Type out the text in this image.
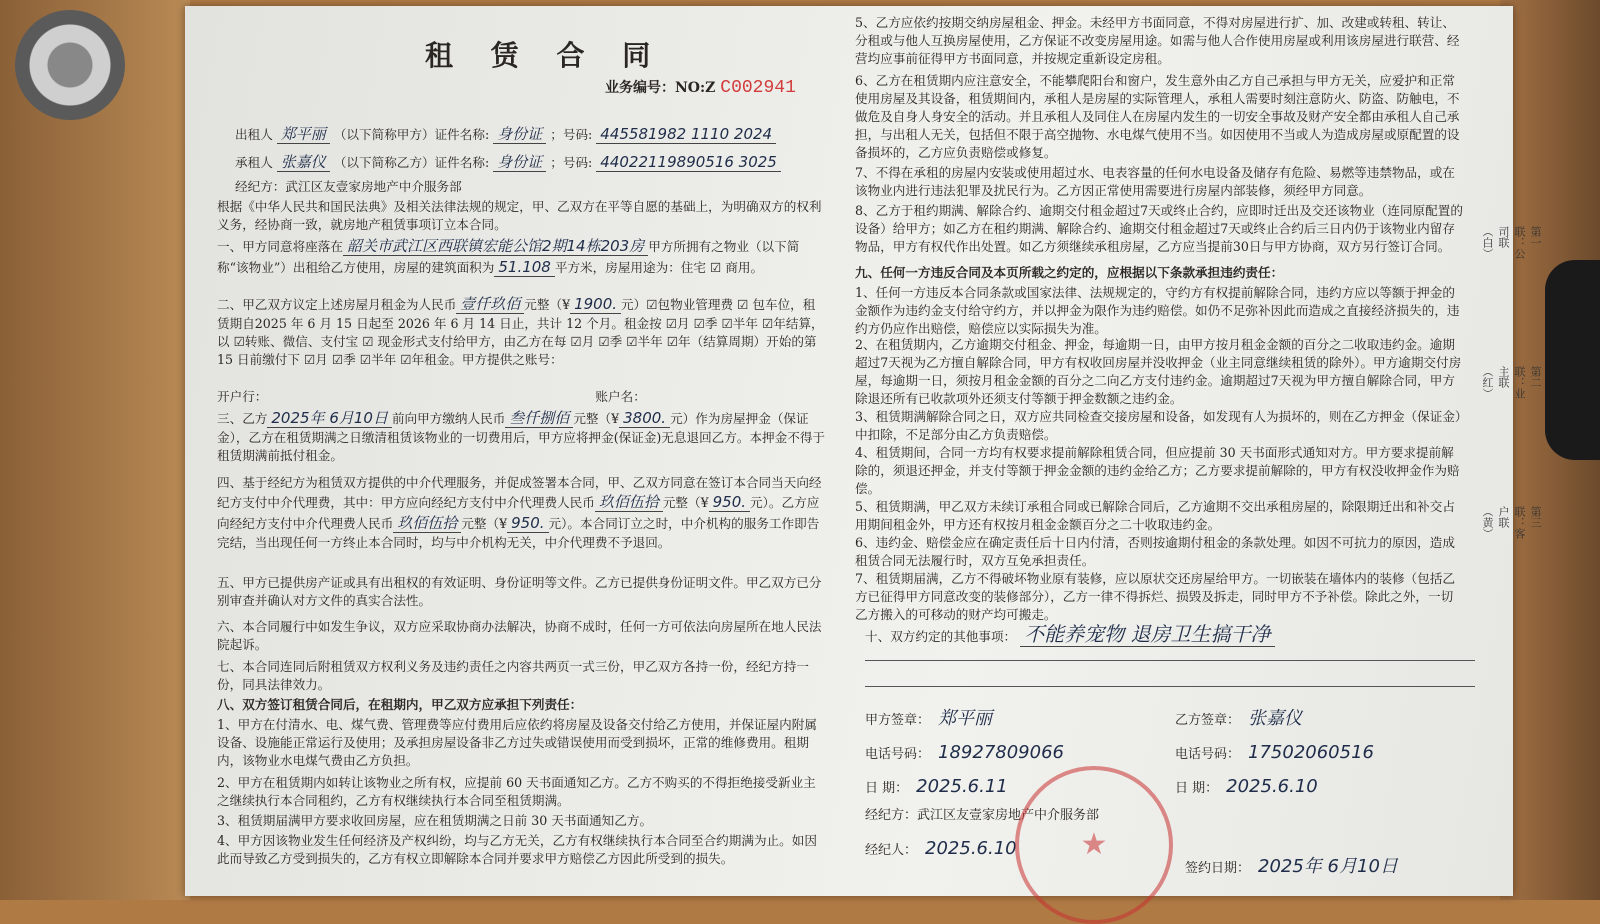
租 赁 合 同
业务编号：NO:Z C002941
出租人 郑平丽 （以下简称甲方）证件名称: 身份证 ；号码: 445581982 1110 2024
承租人 张嘉仪 （以下简称乙方）证件名称: 身份证 ；号码: 44022119890516 3025
经纪方：武江区友壹家房地产中介服务部
根据《中华人民共和国民法典》及相关法律法规的规定，甲、乙双方在平等自愿的基础上，为明确双方的权利义务，经协商一致，就房地产租赁事项订立本合同。
一、甲方同意将座落在 韶关市武江区西联镇宏能公馆2期14栋203房 甲方所拥有之物业（以下简称“该物业”）出租给乙方使用，房屋的建筑面积为 51.108 平方米，房屋用途为：住宅 ☑ 商用。
二、甲乙双方议定上述房屋月租金为人民币 壹仟玖佰 元整（¥ 1900. 元）☑包物业管理费 ☑ 包车位，租赁期自2025 年 6 月 15 日起至 2026 年 6 月 14 日止，共计 12 个月。租金按 ☑月 ☑季 ☑半年 ☑年结算，以 ☑转账、微信、支付宝 ☑ 现金形式支付给甲方，由乙方在每 ☑月 ☑季 ☑半年 ☑年（结算周期）开始的第 15 日前缴付下 ☑月 ☑季 ☑半年 ☑年租金。甲方提供之账号：
开户行：	账户名：
三、乙方 2025年 6月10日 前向甲方缴纳人民币 叁仟捌佰 元整（¥ 3800. 元）作为房屋押金（保证金），乙方在租赁期满之日缴清租赁该物业的一切费用后，甲方应将押金(保证金)无息退回乙方。本押金不得于租赁期满前抵付租金。
四、基于经纪方为租赁双方提供的中介代理服务，并促成签署本合同，甲、乙双方同意在签订本合同当天向经纪方支付中介代理费，其中：甲方应向经纪方支付中介代理费人民币 玖佰伍拾 元整（¥ 950. 元）。乙方应向经纪方支付中介代理费人民币 玖佰伍拾 元整（¥ 950. 元）。本合同订立之时，中介机构的服务工作即告完结，当出现任何一方终止本合同时，均与中介机构无关，中介代理费不予退回。
五、甲方已提供房产证或具有出租权的有效证明、身份证明等文件。乙方已提供身份证明文件。甲乙双方已分别审查并确认对方文件的真实合法性。
六、本合同履行中如发生争议，双方应采取协商办法解决，协商不成时，任何一方可依法向房屋所在地人民法院起诉。
七、本合同连同后附租赁双方权利义务及违约责任之内容共两页一式三份，甲乙双方各持一份，经纪方持一份，同具法律效力。
八、双方签订租赁合同后，在租期内，甲乙双方应承担下列责任：
1、甲方在付清水、电、煤气费、管理费等应付费用后应依约将房屋及设备交付给乙方使用，并保证屋内附属设备、设施能正常运行及使用；及承担房屋设备非乙方过失或错误使用而受到损坏，正常的维修费用。租期内，该物业水电煤气费由乙方负担。
2、甲方在租赁期内如转让该物业之所有权，应提前 60 天书面通知乙方。乙方不购买的不得拒绝接受新业主之继续执行本合同租约，乙方有权继续执行本合同至租赁期满。
3、租赁期届满甲方要求收回房屋，应在租赁期满之日前 30 天书面通知乙方。
4、甲方因该物业发生任何经济及产权纠纷，均与乙方无关，乙方有权继续执行本合同至合约期满为止。如因此而导致乙方受到损失的，乙方有权立即解除本合同并要求甲方赔偿乙方因此所受到的损失。
5、乙方应依约按期交纳房屋租金、押金。未经甲方书面同意，不得对房屋进行扩、加、改建或转租、转让、分租或与他人互换房屋使用，乙方保证不改变房屋用途。如需与他人合作使用房屋或利用该房屋进行联营、经营均应事前征得甲方书面同意，并按规定重新设定房租。
6、乙方在租赁期内应注意安全，不能攀爬阳台和窗户，发生意外由乙方自己承担与甲方无关，应爱护和正常使用房屋及其设备，租赁期间内，承租人是房屋的实际管理人，承租人需要时刻注意防火、防盗、防触电，不做危及自身人身安全的活动。并且承租人及同住人在房屋内发生的一切安全事故及财产安全都由承租人自己承担，与出租人无关，包括但不限于高空抛物、水电煤气使用不当。如因使用不当或人为造成房屋或原配置的设备损坏的，乙方应负责赔偿或修复。
7、不得在承租的房屋内安装或使用超过水、电表容量的任何水电设备及储存有危险、易燃等违禁物品，或在该物业内进行违法犯罪及扰民行为。乙方因正常使用需要进行房屋内部装修，须经甲方同意。
8、乙方于租约期满、解除合约、逾期交付租金超过7天或终止合约，应即时迁出及交还该物业（连同原配置的设备）给甲方；如乙方在租约期满、解除合约、逾期交付租金超过7天或终止合约后三日内仍于该物业内留存物品，甲方有权代作出处置。如乙方须继续承租房屋，乙方应当提前30日与甲方协商，双方另行签订合同。
九、任何一方违反合同及本页所载之约定的，应根据以下条款承担违约责任：
1、任何一方违反本合同条款或国家法律、法规规定的，守约方有权提前解除合同，违约方应以等额于押金的金额作为违约金支付给守约方，并以押金为限作为违约赔偿。如仍不足弥补因此而造成之直接经济损失的，违约方仍应作出赔偿，赔偿应以实际损失为准。
2、在租赁期内，乙方逾期交付租金、押金，每逾期一日，由甲方按月租金金额的百分之二收取违约金。逾期超过7天视为乙方擅自解除合同，甲方有权收回房屋并没收押金（业主同意继续租赁的除外）。甲方逾期交付房屋，每逾期一日，须按月租金金额的百分之二向乙方支付违约金。逾期超过7天视为甲方擅自解除合同，甲方除退还所有已收款项外还须支付等额于押金数额之违约金。
3、租赁期满解除合同之日，双方应共同检查交接房屋和设备，如发现有人为损坏的，则在乙方押金（保证金）中扣除，不足部分由乙方负责赔偿。
4、租赁期间，合同一方均有权要求提前解除租赁合同，但应提前 30 天书面形式通知对方。甲方要求提前解除的，须退还押金，并支付等额于押金金额的违约金给乙方；乙方要求提前解除的，甲方有权没收押金作为赔偿。
5、租赁期满，甲乙双方未续订承租合同或已解除合同后，乙方逾期不交出承租房屋的，除限期迁出和补交占用期间租金外，甲方还有权按月租金金额百分之二十收取违约金。
6、违约金、赔偿金应在确定责任后十日内付清，否则按逾期付租金的条款处理。如因不可抗力的原因，造成租赁合同无法履行时，双方互免承担责任。
7、租赁期届满，乙方不得破坏物业原有装修，应以原状交还房屋给甲方。一切嵌装在墙体内的装修（包括乙方已征得甲方同意改变的装修部分），乙方一律不得拆烂、损毁及拆走，同时甲方不予补偿。除此之外，一切乙方搬入的可移动的财产均可搬走。
十、双方约定的其他事项： 不能养宠物 退房卫生搞干净
甲方签章： 郑平丽	乙方签章： 张嘉仪
电话号码： 18927809066	电话号码： 17502060516
日 期： 2025.6.11	日 期： 2025.6.10
经纪方：武江区友壹家房地产中介服务部
经纪人： 2025.6.10
签约日期： 2025年 6月10日
★
第一联：公司联（白）
第二联：业主联（红）
第三联：客户联（黄）
